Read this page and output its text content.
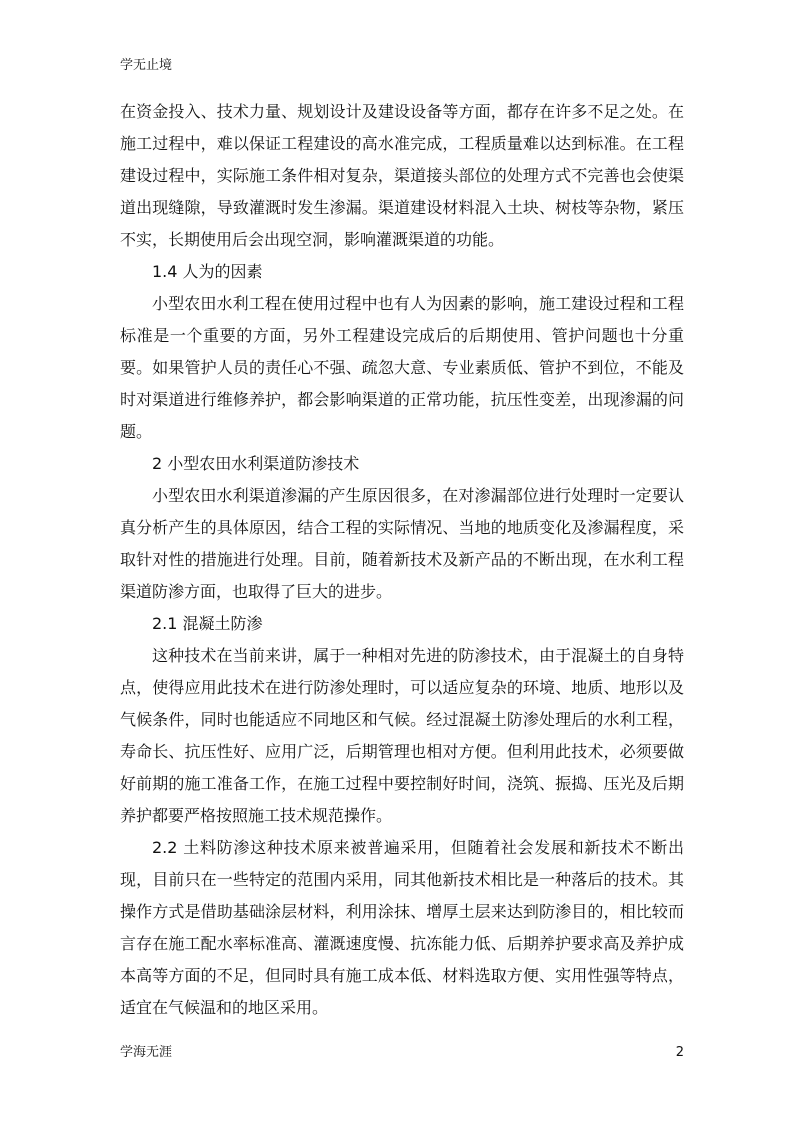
学无止境

在资金投入、技术力量、规划设计及建设设备等方面，都存在许多不足之处。在施工过程中，难以保证工程建设的高水准完成，工程质量难以达到标准。在工程建设过程中，实际施工条件相对复杂，渠道接头部位的处理方式不完善也会使渠道出现缝隙，导致灌溉时发生渗漏。渠道建设材料混入土块、树枝等杂物，紧压不实，长期使用后会出现空洞，影响灌溉渠道的功能。

1.4 人为的因素

小型农田水利工程在使用过程中也有人为因素的影响，施工建设过程和工程标准是一个重要的方面，另外工程建设完成后的后期使用、管护问题也十分重要。如果管护人员的责任心不强、疏忽大意、专业素质低、管护不到位，不能及时对渠道进行维修养护，都会影响渠道的正常功能，抗压性变差，出现渗漏的问题。

2 小型农田水利渠道防渗技术

小型农田水利渠道渗漏的产生原因很多，在对渗漏部位进行处理时一定要认真分析产生的具体原因，结合工程的实际情况、当地的地质变化及渗漏程度，采取针对性的措施进行处理。目前，随着新技术及新产品的不断出现，在水利工程渠道防渗方面，也取得了巨大的进步。

2.1 混凝土防渗

这种技术在当前来讲，属于一种相对先进的防渗技术，由于混凝土的自身特点，使得应用此技术在进行防渗处理时，可以适应复杂的环境、地质、地形以及气候条件，同时也能适应不同地区和气候。经过混凝土防渗处理后的水利工程，寿命长、抗压性好、应用广泛，后期管理也相对方便。但利用此技术，必须要做好前期的施工准备工作，在施工过程中要控制好时间，浇筑、振捣、压光及后期养护都要严格按照施工技术规范操作。

2.2 土料防渗这种技术原来被普遍采用，但随着社会发展和新技术不断出现，目前只在一些特定的范围内采用，同其他新技术相比是一种落后的技术。其操作方式是借助基础涂层材料，利用涂抹、增厚土层来达到防渗目的，相比较而言存在施工配水率标准高、灌溉速度慢、抗冻能力低、后期养护要求高及养护成本高等方面的不足，但同时具有施工成本低、材料选取方便、实用性强等特点，适宜在气候温和的地区采用。

学海无涯	2
